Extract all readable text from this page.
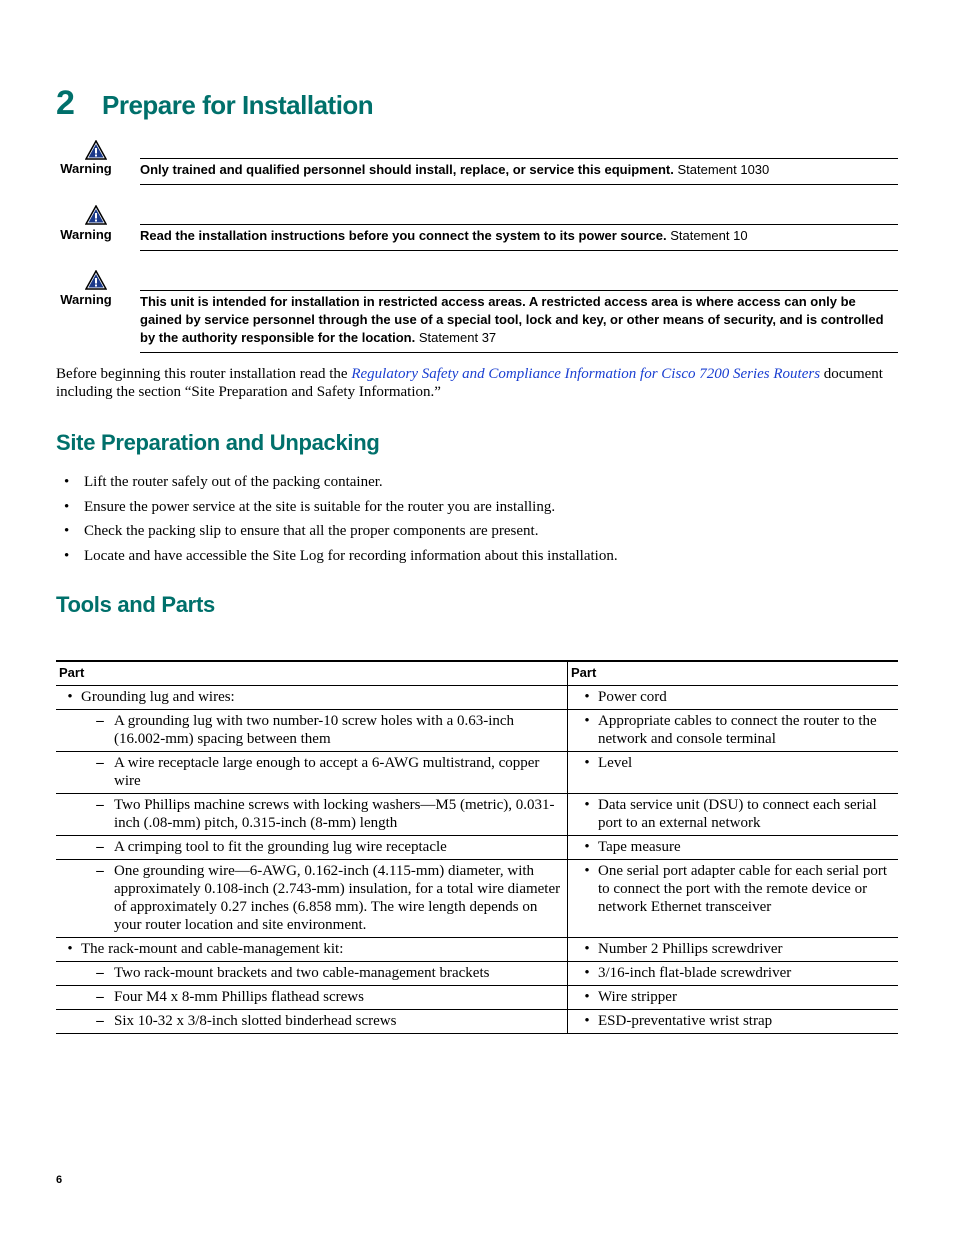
2	Prepare for Installation
Warning	Only trained and qualified personnel should install, replace, or service this equipment. Statement 1030
Warning	Read the installation instructions before you connect the system to its power source. Statement 10
Warning	This unit is intended for installation in restricted access areas. A restricted access area is where access can only be gained by service personnel through the use of a special tool, lock and key, or other means of security, and is controlled by the authority responsible for the location. Statement 37

Before beginning this router installation read the Regulatory Safety and Compliance Information for Cisco 7200 Series Routers document including the section “Site Preparation and Safety Information.”

Site Preparation and Unpacking
• Lift the router safely out of the packing container.
• Ensure the power service at the site is suitable for the router you are installing.
• Check the packing slip to ensure that all the proper components are present.
• Locate and have accessible the Site Log for recording information about this installation.
Tools and Parts
Part	Part

• Grounding lug and wires:	• Power cord

– A grounding lug with two number-10 screw holes with a 0.63-inch (16.002-mm) spacing between them	• Appropriate cables to connect the router to the network and console terminal

– A wire receptacle large enough to accept a 6-AWG multistrand, copper wire	• Level

– Two Phillips machine screws with locking washers—M5 (metric), 0.031-inch (.08-mm) pitch, 0.315-inch (8-mm) length	• Data service unit (DSU) to connect each serial port to an external network

– A crimping tool to fit the grounding lug wire receptacle	• Tape measure

– One grounding wire—6-AWG, 0.162-inch (4.115-mm) diameter, with approximately 0.108-inch (2.743-mm) insulation, for a total wire diameter of approximately 0.27 inches (6.858 mm). The wire length depends on your router location and site environment.	• One serial port adapter cable for each serial port to connect the port with the remote device or network Ethernet transceiver

• The rack-mount and cable-management kit:	• Number 2 Phillips screwdriver

– Two rack-mount brackets and two cable-management brackets	• 3/16-inch flat-blade screwdriver

– Four M4 x 8-mm Phillips flathead screws	• Wire stripper

– Six 10-32 x 3/8-inch slotted binderhead screws	• ESD-preventative wrist strap
6
